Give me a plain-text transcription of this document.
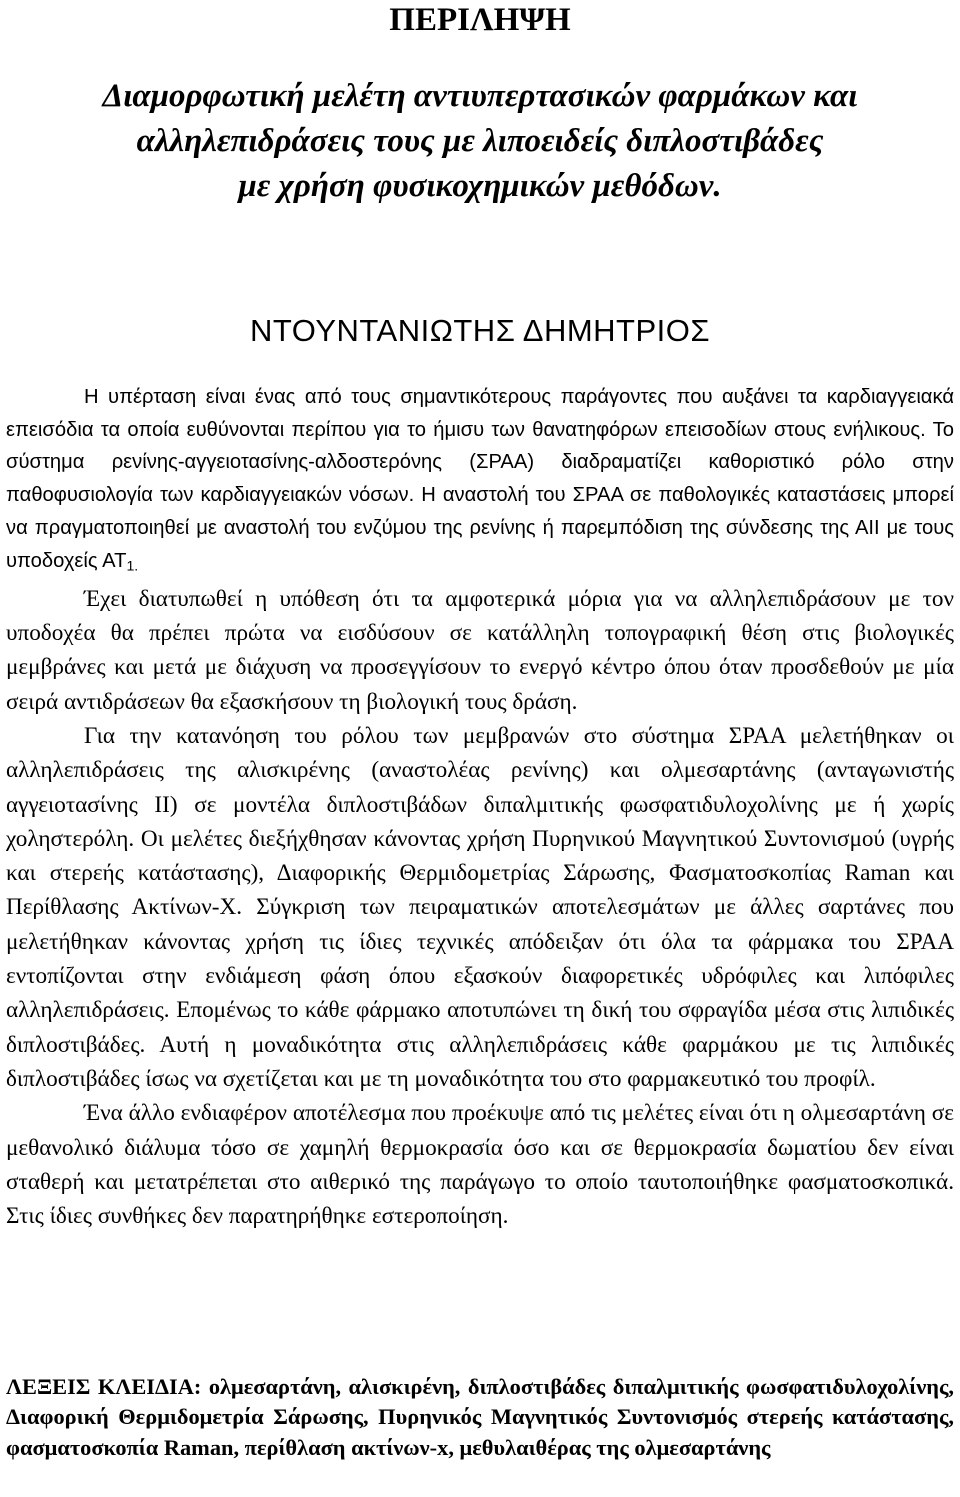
ΠΕΡΙΛΗΨΗ
Διαμορφωτική μελέτη αντιυπερτασικών φαρμάκων και
αλληλεπιδράσεις τους με λιποειδείς διπλοστιβάδες
με χρήση φυσικοχημικών μεθόδων.
ΝΤΟΥΝΤΑΝΙΩΤΗΣ ΔΗΜΗΤΡΙΟΣ

Η υπέρταση είναι ένας από τους σημαντικότερους παράγοντες που αυξάνει τα καρδιαγγειακά επεισόδια τα οποία ευθύνονται περίπου για το ήμισυ των θανατηφόρων επεισοδίων στους ενήλικους. Το σύστημα ρενίνης-αγγειοτασίνης-αλδοστερόνης (ΣΡΑΑ) διαδραματίζει καθοριστικό ρόλο στην παθοφυσιολογία των καρδιαγγειακών νόσων. Η αναστολή του ΣΡΑΑ σε παθολογικές καταστάσεις μπορεί να πραγματοποιηθεί με αναστολή του ενζύμου της ρενίνης ή παρεμπόδιση της σύνδεσης της ΑΙΙ με τους υποδοχείς $AT_{1.}$

Έχει διατυπωθεί η υπόθεση ότι τα αμφοτερικά μόρια για να αλληλεπιδράσουν με τον υποδοχέα θα πρέπει πρώτα να εισδύσουν σε κατάλληλη τοπογραφική θέση στις βιολογικές μεμβράνες και μετά με διάχυση να προσεγγίσουν το ενεργό κέντρο όπου όταν προσδεθούν με μία σειρά αντιδράσεων θα εξασκήσουν τη βιολογική τους δράση.

Για την κατανόηση του ρόλου των μεμβρανών στο σύστημα ΣΡΑΑ μελετήθηκαν οι αλληλεπιδράσεις της αλισκιρένης (αναστολέας ρενίνης) και ολμεσαρτάνης (ανταγωνιστής αγγειοτασίνης ΙΙ) σε μοντέλα διπλοστιβάδων διπαλμιτικής φωσφατιδυλοχολίνης με ή χωρίς χοληστερόλη. Οι μελέτες διεξήχθησαν κάνοντας χρήση Πυρηνικού Μαγνητικού Συντονισμού (υγρής και στερεής κατάστασης), Διαφορικής Θερμιδομετρίας Σάρωσης, Φασματοσκοπίας Raman και Περίθλασης Ακτίνων-Χ. Σύγκριση των πειραματικών αποτελεσμάτων με άλλες σαρτάνες που μελετήθηκαν κάνοντας χρήση τις ίδιες τεχνικές απόδειξαν ότι όλα τα φάρμακα του ΣΡΑΑ εντοπίζονται στην ενδιάμεση φάση όπου εξασκούν διαφορετικές υδρόφιλες και λιπόφιλες αλληλεπιδράσεις. Επομένως το κάθε φάρμακο αποτυπώνει τη δική του σφραγίδα μέσα στις λιπιδικές διπλοστιβάδες. Αυτή η μοναδικότητα στις αλληλεπιδράσεις κάθε φαρμάκου με τις λιπιδικές διπλοστιβάδες ίσως να σχετίζεται και με τη μοναδικότητα του στο φαρμακευτικό του προφίλ.

Ένα άλλο ενδιαφέρον αποτέλεσμα που προέκυψε από τις μελέτες είναι ότι η ολμεσαρτάνη σε μεθανολικό διάλυμα τόσο σε χαμηλή θερμοκρασία όσο και σε θερμοκρασία δωματίου δεν είναι σταθερή και μετατρέπεται στο αιθερικό της παράγωγο το οποίο ταυτοποιήθηκε φασματοσκοπικά. Στις ίδιες συνθήκες δεν παρατηρήθηκε εστεροποίηση.

ΛΕΞΕΙΣ ΚΛΕΙΔΙΑ: ολμεσαρτάνη, αλισκιρένη, διπλοστιβάδες διπαλμιτικής φωσφατιδυλοχολίνης, Διαφορική Θερμιδομετρία Σάρωσης, Πυρηνικός Μαγνητικός Συντονισμός στερεής κατάστασης, φασματοσκοπία Raman, περίθλαση ακτίνων-x, μεθυλαιθέρας της ολμεσαρτάνης
